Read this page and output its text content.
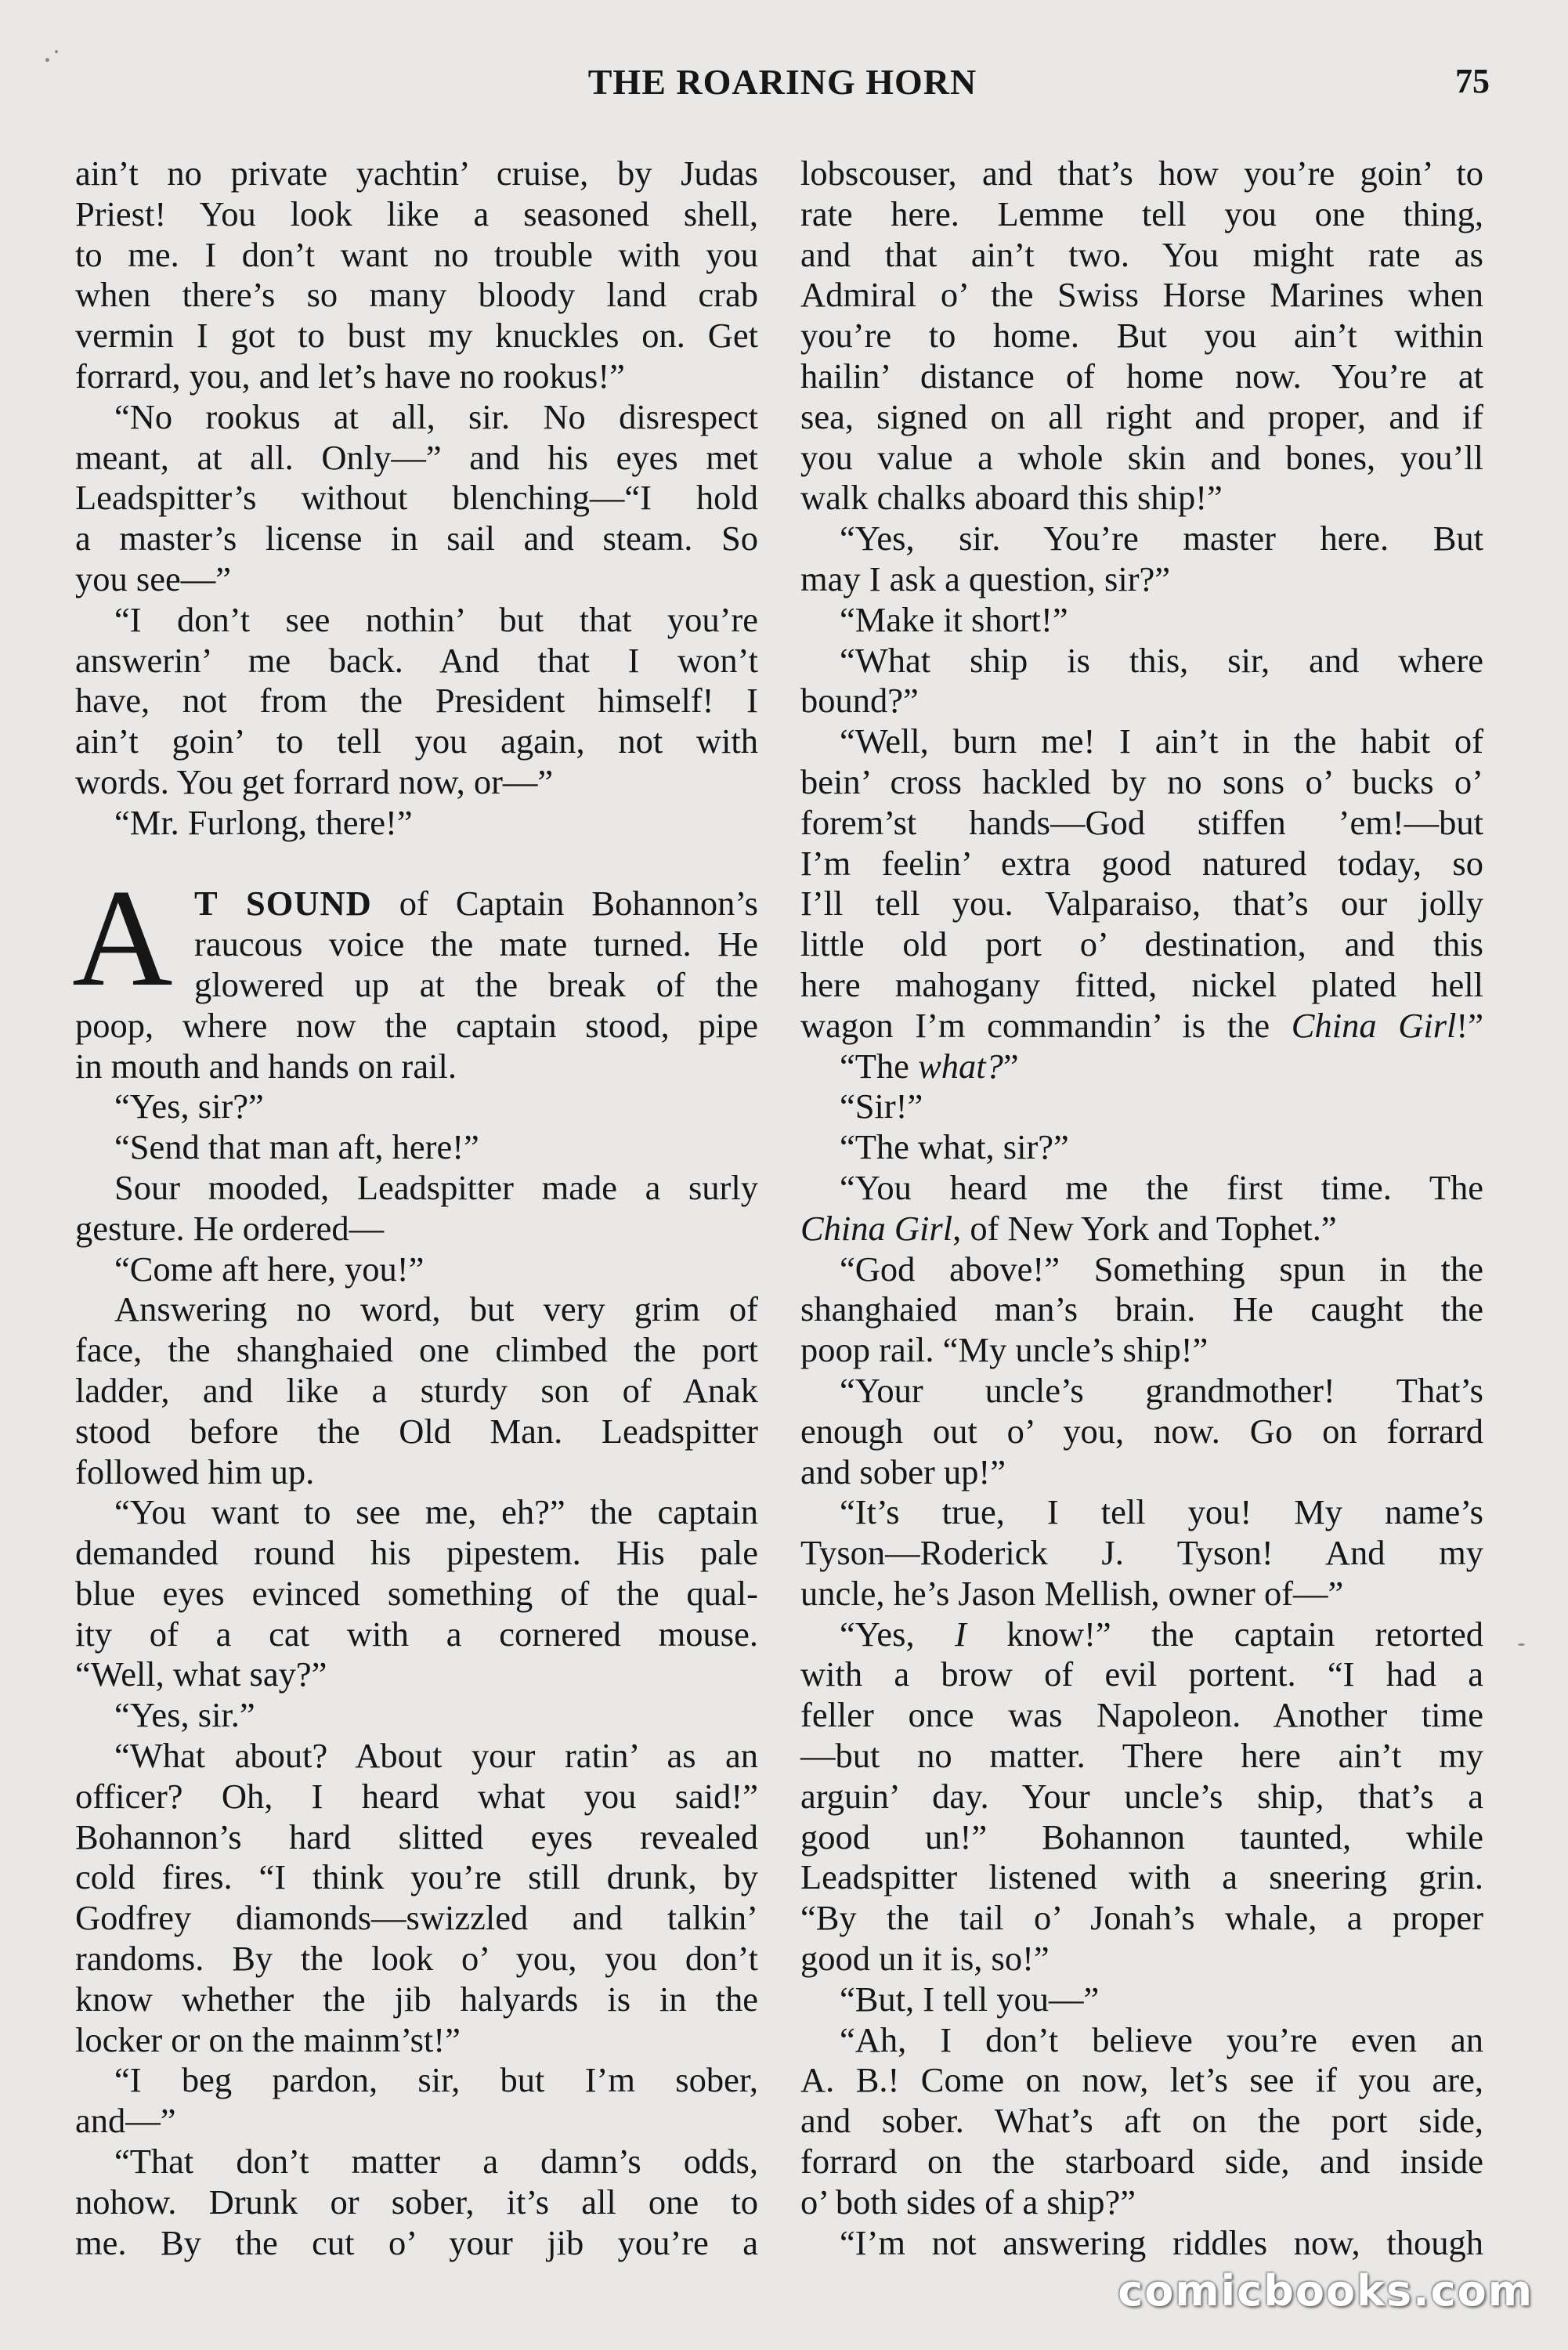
THE ROARING HORN	75
ain’t no private yachtin’ cruise, by Judas
Priest! You look like a seasoned shell,
to me. I don’t want no trouble with you
when there’s so many bloody land crab
vermin I got to bust my knuckles on. Get
forrard, you, and let’s have no rookus!”
“No rookus at all, sir. No disrespect
meant, at all. Only—” and his eyes met
Leadspitter’s without blenching—“I hold
a master’s license in sail and steam. So
you see—”
“I don’t see nothin’ but that you’re
answerin’ me back. And that I won’t
have, not from the President himself! I
ain’t goin’ to tell you again, not with
words. You get forrard now, or—”
“Mr. Furlong, there!”
A T SOUND of Captain Bohannon’s
raucous voice the mate turned. He
glowered up at the break of the
poop, where now the captain stood, pipe
in mouth and hands on rail.
“Yes, sir?”
“Send that man aft, here!”
Sour mooded, Leadspitter made a surly
gesture. He ordered—
“Come aft here, you!”
Answering no word, but very grim of
face, the shanghaied one climbed the port
ladder, and like a sturdy son of Anak
stood before the Old Man. Leadspitter
followed him up.
“You want to see me, eh?” the captain
demanded round his pipestem. His pale
blue eyes evinced something of the qual-
ity of a cat with a cornered mouse.
“Well, what say?”
“Yes, sir.”
“What about? About your ratin’ as an
officer? Oh, I heard what you said!”
Bohannon’s hard slitted eyes revealed
cold fires. “I think you’re still drunk, by
Godfrey diamonds—swizzled and talkin’
randoms. By the look o’ you, you don’t
know whether the jib halyards is in the
locker or on the mainm’st!”
“I beg pardon, sir, but I’m sober,
and—”
“That don’t matter a damn’s odds,
nohow. Drunk or sober, it’s all one to
me. By the cut o’ your jib you’re a
lobscouser, and that’s how you’re goin’ to
rate here. Lemme tell you one thing,
and that ain’t two. You might rate as
Admiral o’ the Swiss Horse Marines when
you’re to home. But you ain’t within
hailin’ distance of home now. You’re at
sea, signed on all right and proper, and if
you value a whole skin and bones, you’ll
walk chalks aboard this ship!”
“Yes, sir. You’re master here. But
may I ask a question, sir?”
“Make it short!”
“What ship is this, sir, and where
bound?”
“Well, burn me! I ain’t in the habit of
bein’ cross hackled by no sons o’ bucks o’
forem’st hands—God stiffen ’em!—but
I’m feelin’ extra good natured today, so
I’ll tell you. Valparaiso, that’s our jolly
little old port o’ destination, and this
here mahogany fitted, nickel plated hell
wagon I’m commandin’ is the China Girl!”
“The what?”
“Sir!”
“The what, sir?”
“You heard me the first time. The
China Girl, of New York and Tophet.”
“God above!” Something spun in the
shanghaied man’s brain. He caught the
poop rail. “My uncle’s ship!”
“Your uncle’s grandmother! That’s
enough out o’ you, now. Go on forrard
and sober up!”
“It’s true, I tell you! My name’s
Tyson—Roderick J. Tyson! And my
uncle, he’s Jason Mellish, owner of—”
“Yes, I know!” the captain retorted
with a brow of evil portent. “I had a
feller once was Napoleon. Another time
—but no matter. There here ain’t my
arguin’ day. Your uncle’s ship, that’s a
good un!” Bohannon taunted, while
Leadspitter listened with a sneering grin.
“By the tail o’ Jonah’s whale, a proper
good un it is, so!”
“But, I tell you—”
“Ah, I don’t believe you’re even an
A. B.! Come on now, let’s see if you are,
and sober. What’s aft on the port side,
forrard on the starboard side, and inside
o’ both sides of a ship?”
“I’m not answering riddles now, though
comicbooks.com
